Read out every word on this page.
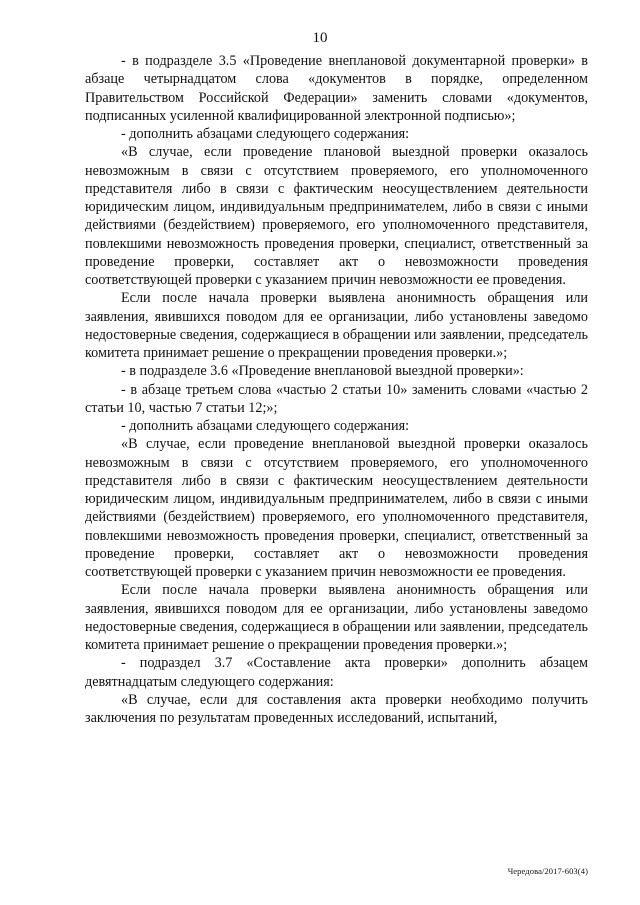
10

- в подразделе 3.5 «Проведение внеплановой документарной проверки» в абзаце четырнадцатом слова «документов в порядке, определенном Правительством Российской Федерации» заменить словами «документов, подписанных усиленной квалифицированной электронной подписью»;

- дополнить абзацами следующего содержания:

«В случае, если проведение плановой выездной проверки оказалось невозможным в связи с отсутствием проверяемого, его уполномоченного представителя либо в связи с фактическим неосуществлением деятельности юридическим лицом, индивидуальным предпринимателем, либо в связи с иными действиями (бездействием) проверяемого, его уполномоченного представителя, повлекшими невозможность проведения проверки, специалист, ответственный за проведение проверки, составляет акт о невозможности проведения соответствующей проверки с указанием причин невозможности ее проведения.

Если после начала проверки выявлена анонимность обращения или заявления, явившихся поводом для ее организации, либо установлены заведомо недостоверные сведения, содержащиеся в обращении или заявлении, председатель комитета принимает решение о прекращении проведения проверки.»;

- в подразделе 3.6 «Проведение внеплановой выездной проверки»:

- в абзаце третьем слова «частью 2 статьи 10» заменить словами «частью 2 статьи 10, частью 7 статьи 12;»;

- дополнить абзацами следующего содержания:

«В случае, если проведение внеплановой выездной проверки оказалось невозможным в связи с отсутствием проверяемого, его уполномоченного представителя либо в связи с фактическим неосуществлением деятельности юридическим лицом, индивидуальным предпринимателем, либо в связи с иными действиями (бездействием) проверяемого, его уполномоченного представителя, повлекшими невозможность проведения проверки, специалист, ответственный за проведение проверки, составляет акт о невозможности проведения соответствующей проверки с указанием причин невозможности ее проведения.

Если после начала проверки выявлена анонимность обращения или заявления, явившихся поводом для ее организации, либо установлены заведомо недостоверные сведения, содержащиеся в обращении или заявлении, председатель комитета принимает решение о прекращении проведения проверки.»;

- подраздел 3.7 «Составление акта проверки» дополнить абзацем девятнадцатым следующего содержания:

«В случае, если для составления акта проверки необходимо получить заключения по результатам проведенных исследований, испытаний,

Чередова/2017-603(4)
